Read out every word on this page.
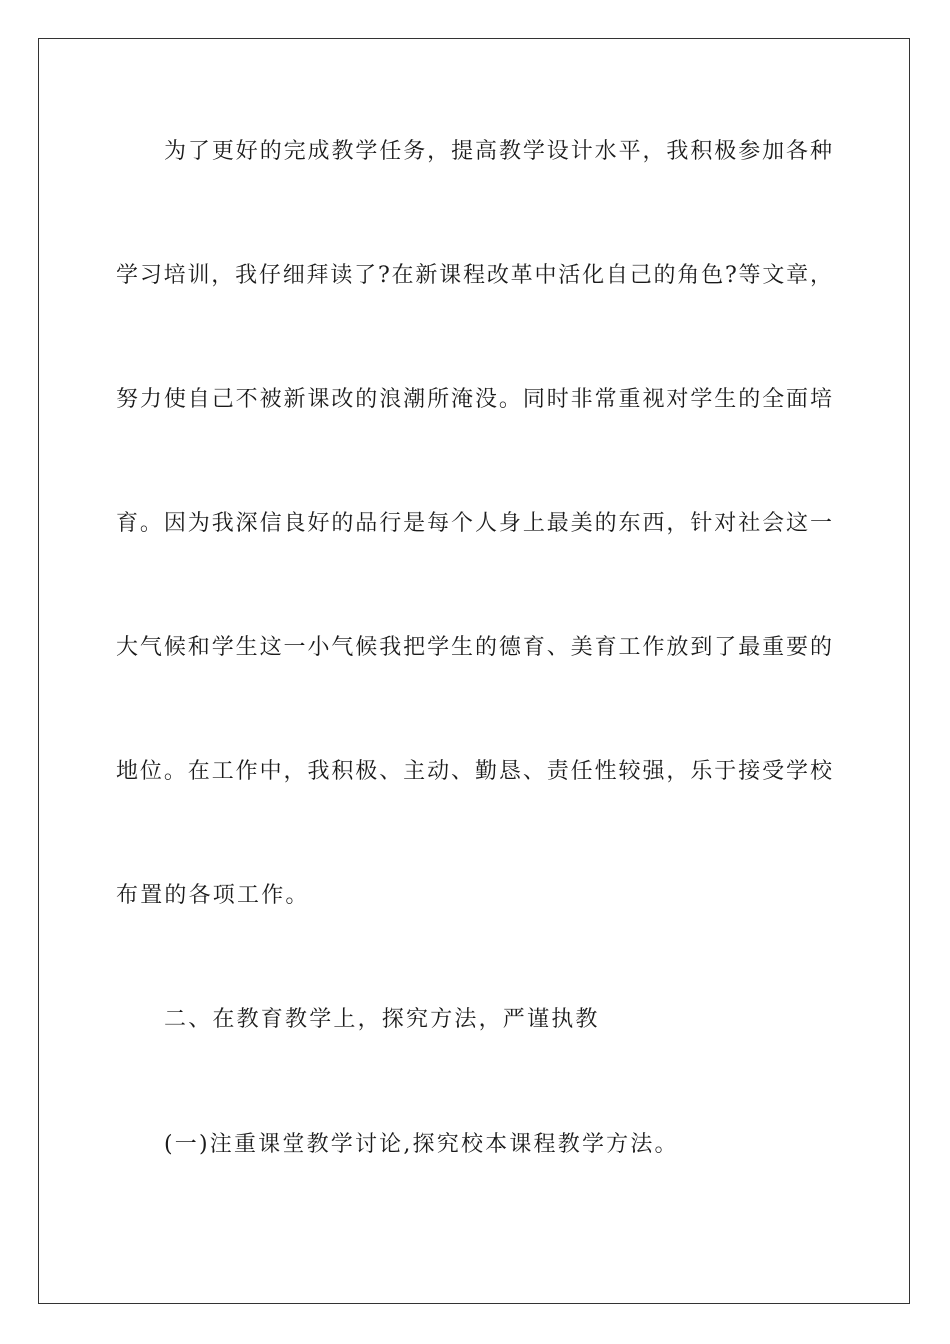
为了更好的完成教学任务，提高教学设计水平，我积极参加各种
学习培训，我仔细拜读了?在新课程改革中活化自己的角色?等文章，
努力使自己不被新课改的浪潮所淹没。同时非常重视对学生的全面培
育。因为我深信良好的品行是每个人身上最美的东西，针对社会这一
大气候和学生这一小气候我把学生的德育、美育工作放到了最重要的
地位。在工作中，我积极、主动、勤恳、责任性较强，乐于接受学校
布置的各项工作。
二、在教育教学上，探究方法，严谨执教
(一)注重课堂教学讨论,探究校本课程教学方法。
